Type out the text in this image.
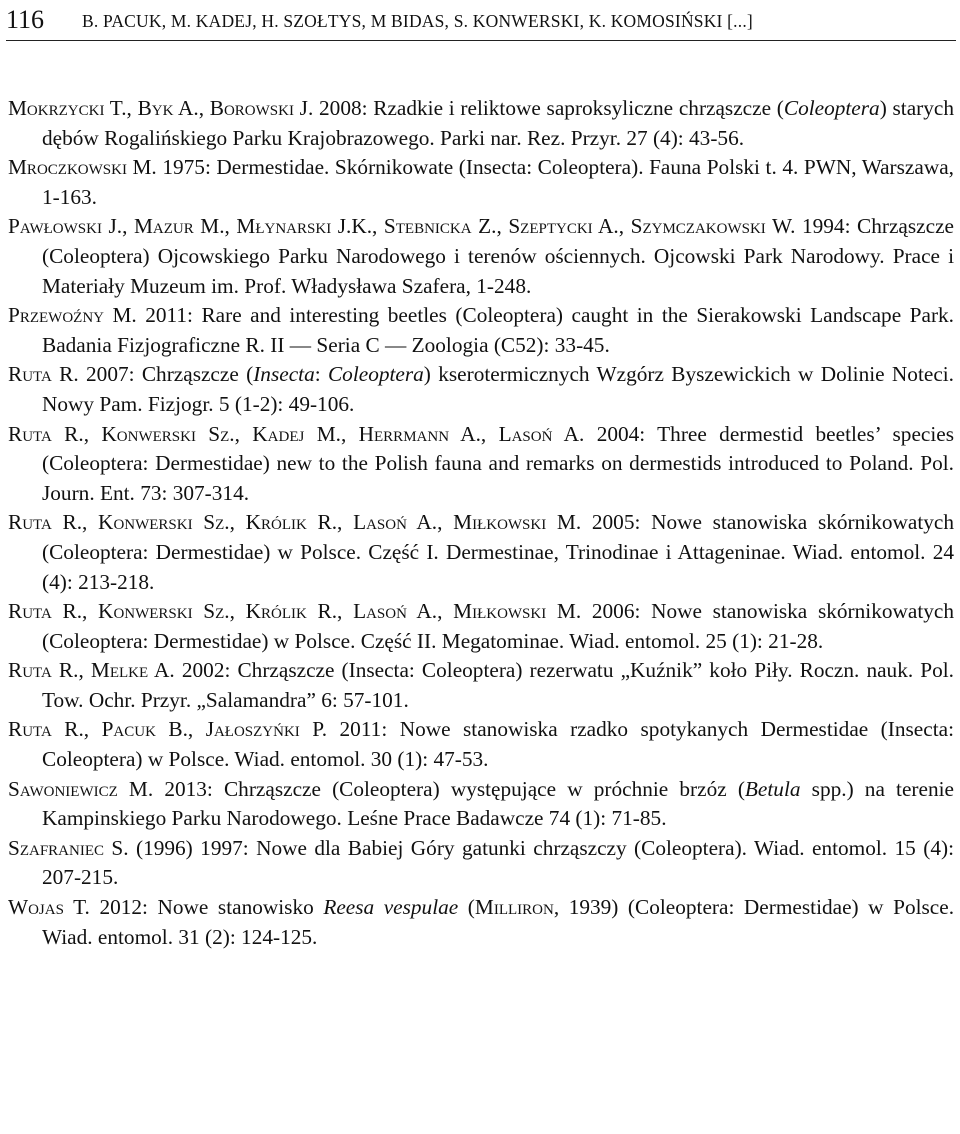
116 B. PACUK, M. KADEJ, H. SZOŁTYS, M BIDAS, S. KONWERSKI, K. KOMOSIŃSKI [...]
Mokrzycki T., Byk A., Borowski J. 2008: Rzadkie i reliktowe saproksyliczne chrząszcze (Coleoptera) starych dębów Rogalińskiego Parku Krajobrazowego. Parki nar. Rez. Przyr. 27 (4): 43-56.
Mroczkowski M. 1975: Dermestidae. Skórnikowate (Insecta: Coleoptera). Fauna Polski t. 4. PWN, Warszawa, 1-163.
Pawłowski J., Mazur M., Młynarski J.K., Stebnicka Z., Szeptycki A., Szymczakowski W. 1994: Chrząszcze (Coleoptera) Ojcowskiego Parku Narodowego i terenów ościennych. Ojcowski Park Narodowy. Prace i Materiały Muzeum im. Prof. Władysława Szafera, 1-248.
Przewoźny M. 2011: Rare and interesting beetles (Coleoptera) caught in the Sierakowski Landscape Park. Badania Fizjograficzne R. II — Seria C — Zoologia (C52): 33-45.
Ruta R. 2007: Chrząszcze (Insecta: Coleoptera) kserotermicznych Wzgórz Byszewickich w Dolinie Noteci. Nowy Pam. Fizjogr. 5 (1-2): 49-106.
Ruta R., Konwerski Sz., Kadej M., Herrmann A., Lasoń A. 2004: Three dermestid beetles’ species (Coleoptera: Dermestidae) new to the Polish fauna and remarks on dermestids introduced to Poland. Pol. Journ. Ent. 73: 307-314.
Ruta R., Konwerski Sz., Królik R., Lasoń A., Miłkowski M. 2005: Nowe stanowiska skórnikowatych (Coleoptera: Dermestidae) w Polsce. Część I. Dermestinae, Trinodinae i Attageninae. Wiad. entomol. 24 (4): 213-218.
Ruta R., Konwerski Sz., Królik R., Lasoń A., Miłkowski M. 2006: Nowe stanowiska skórnikowatych (Coleoptera: Dermestidae) w Polsce. Część II. Megatominae. Wiad. entomol. 25 (1): 21-28.
Ruta R., Melke A. 2002: Chrząszcze (Insecta: Coleoptera) rezerwatu „Kuźnik” koło Piły. Roczn. nauk. Pol. Tow. Ochr. Przyr. „Salamandra” 6: 57-101.
Ruta R., Pacuk B., Jałoszyńki P. 2011: Nowe stanowiska rzadko spotykanych Dermestidae (Insecta: Coleoptera) w Polsce. Wiad. entomol. 30 (1): 47-53.
Sawoniewicz M. 2013: Chrząszcze (Coleoptera) występujące w próchnie brzóz (Betula spp.) na terenie Kampinskiego Parku Narodowego. Leśne Prace Badawcze 74 (1): 71-85.
Szafraniec S. (1996) 1997: Nowe dla Babiej Góry gatunki chrząszczy (Coleoptera). Wiad. entomol. 15 (4): 207-215.
Wojas T. 2012: Nowe stanowisko Reesa vespulae (Milliron, 1939) (Coleoptera: Dermestidae) w Polsce. Wiad. entomol. 31 (2): 124-125.
